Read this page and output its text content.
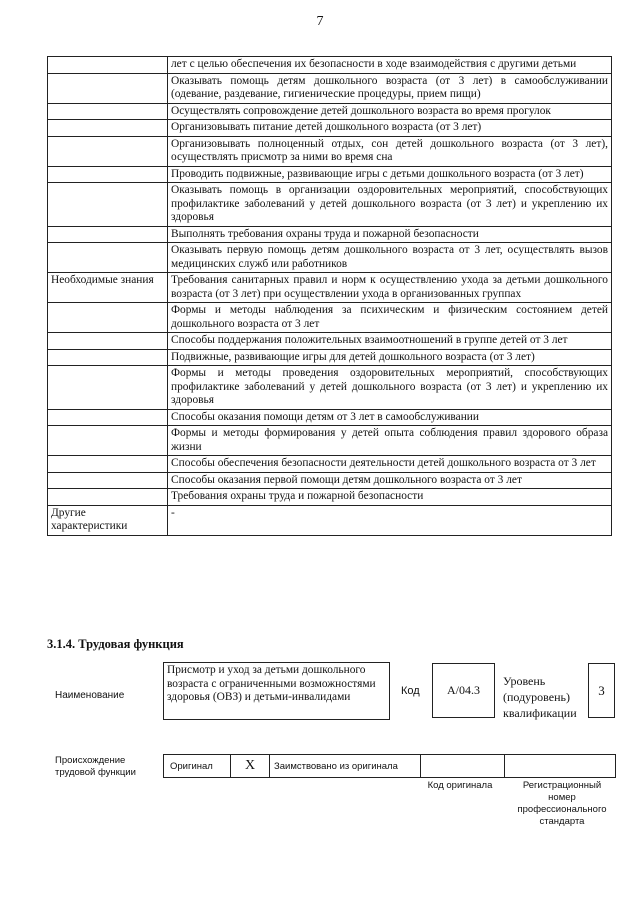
7
	лет с целью обеспечения их безопасности в ходе взаимодействия с другими детьми
	Оказывать помощь детям дошкольного возраста (от 3 лет) в самообслуживании (одевание, раздевание, гигиенические процедуры, прием пищи)
	Осуществлять сопровождение детей дошкольного возраста во время прогулок
	Организовывать питание детей дошкольного возраста (от 3 лет)
	Организовывать полноценный отдых, сон детей дошкольного возраста (от 3 лет), осуществлять присмотр за ними во время сна
	Проводить подвижные, развивающие игры с детьми дошкольного возраста (от 3 лет)
	Оказывать помощь в организации оздоровительных мероприятий, способствующих профилактике заболеваний у детей дошкольного возраста (от 3 лет) и укреплению их здоровья
	Выполнять требования охраны труда и пожарной безопасности
	Оказывать первую помощь детям дошкольного возраста от 3 лет, осуществлять вызов медицинских служб или работников
Необходимые знания	Требования санитарных правил и норм к осуществлению ухода за детьми дошкольного возраста (от 3 лет) при осуществлении ухода в организованных группах
	Формы и методы наблюдения за психическим и физическим состоянием детей дошкольного возраста от 3 лет
	Способы поддержания положительных взаимоотношений в группе детей от 3 лет
	Подвижные, развивающие игры для детей дошкольного возраста (от 3 лет)
	Формы и методы проведения оздоровительных мероприятий, способствующих профилактике заболеваний у детей дошкольного возраста (от 3 лет) и укреплению их здоровья
	Способы оказания помощи детям от 3 лет в самообслуживании
	Формы и методы формирования у детей опыта соблюдения правил здорового образа жизни
	Способы обеспечения безопасности деятельности детей дошкольного возраста от 3 лет
	Способы оказания первой помощи детям дошкольного возраста от 3 лет
	Требования охраны труда и пожарной безопасности
Другие характеристики	-
3.1.4. Трудовая функция
Наименование
Присмотр и уход за детьми дошкольного возраста с ограниченными возможностями здоровья (ОВЗ) и детьми-инвалидами	Код А/04.3
Уровень (подуровень) квалификации
3
Происхождение трудовой функции
Оригинал X Заимствовано из оригинала
Код оригинала	Регистрационный номер профессионального стандарта
